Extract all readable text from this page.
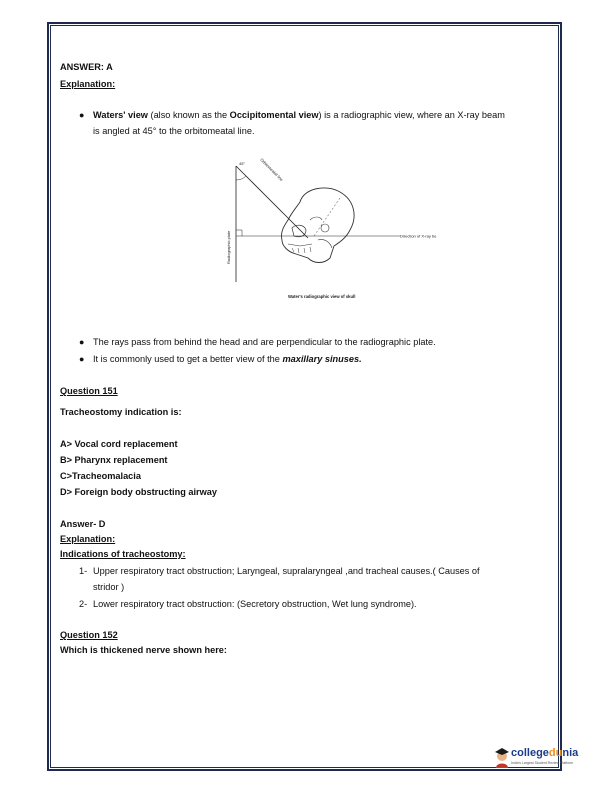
ANSWER: A
Explanation:
● Waters' view (also known as the Occipitomental view) is a radiographic view, where an X-ray beam
is angled at 45° to the orbitomeatal line.
Radiographic plate
45°	Orbitomeatal line
Direction of X-ray be
Water's radiographic view of skull
● The rays pass from behind the head and are perpendicular to the radiographic plate.
● It is commonly used to get a better view of the maxillary sinuses.
Question 151
Tracheostomy indication is:
A> Vocal cord replacement
B> Pharynx replacement
C>Tracheomalacia
D> Foreign body obstructing airway
Answer- D
Explanation:
Indications of tracheostomy:
1- Upper respiratory tract obstruction; Laryngeal, supralaryngeal ,and tracheal causes.( Causes of
stridor )
2- Lower respiratory tract obstruction: (Secretory obstruction, Wet lung syndrome).
Question 152
Which is thickened nerve shown here:
collegedunia
India's Largest Student Review Platform
